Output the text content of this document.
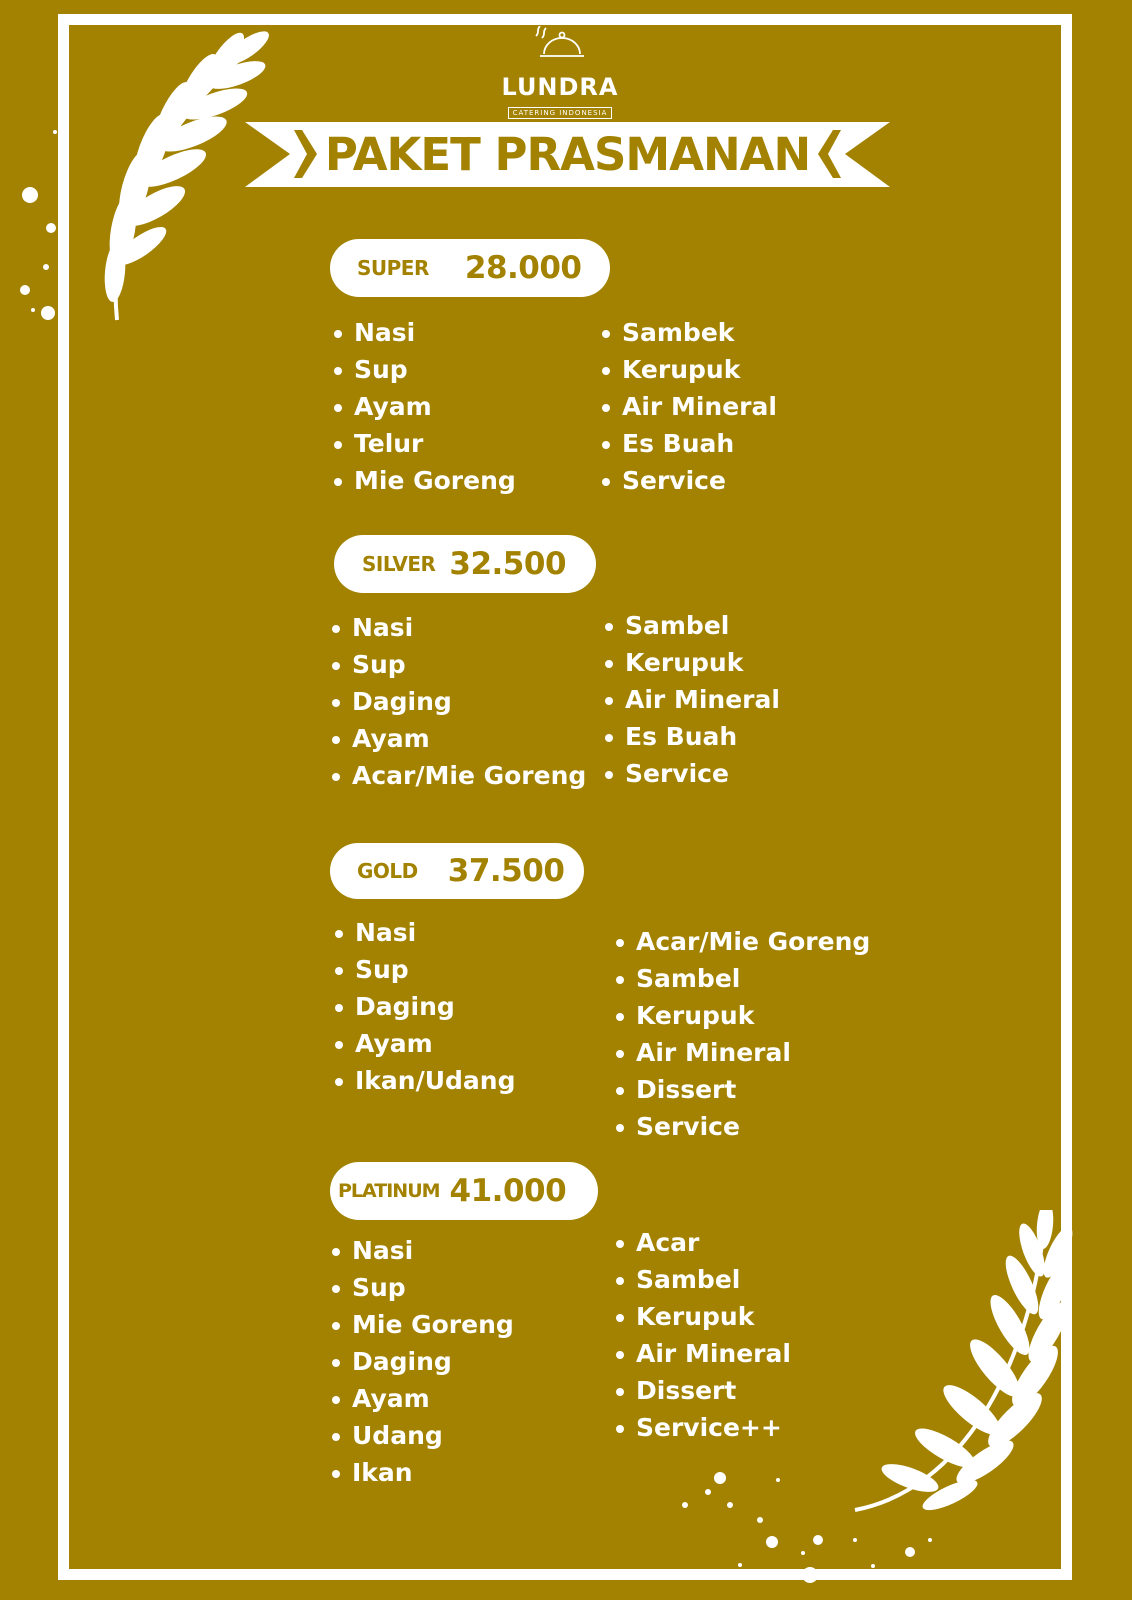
LUNDRA
CATERING INDONESIA
PAKET PRASMANAN
SUPER 28.000
Nasi
Sup
Ayam
Telur
Mie Goreng
Sambek
Kerupuk
Air Mineral
Es Buah
Service
SILVER 32.500
Nasi
Sup
Daging
Ayam
Acar/Mie Goreng
Sambel
Kerupuk
Air Mineral
Es Buah
Service
GOLD 37.500
Nasi
Sup
Daging
Ayam
Ikan/Udang
Acar/Mie Goreng
Sambel
Kerupuk
Air Mineral
Dissert
Service
PLATINUM 41.000
Nasi
Sup
Mie Goreng
Daging
Ayam
Udang
Ikan
Acar
Sambel
Kerupuk
Air Mineral
Dissert
Service++
